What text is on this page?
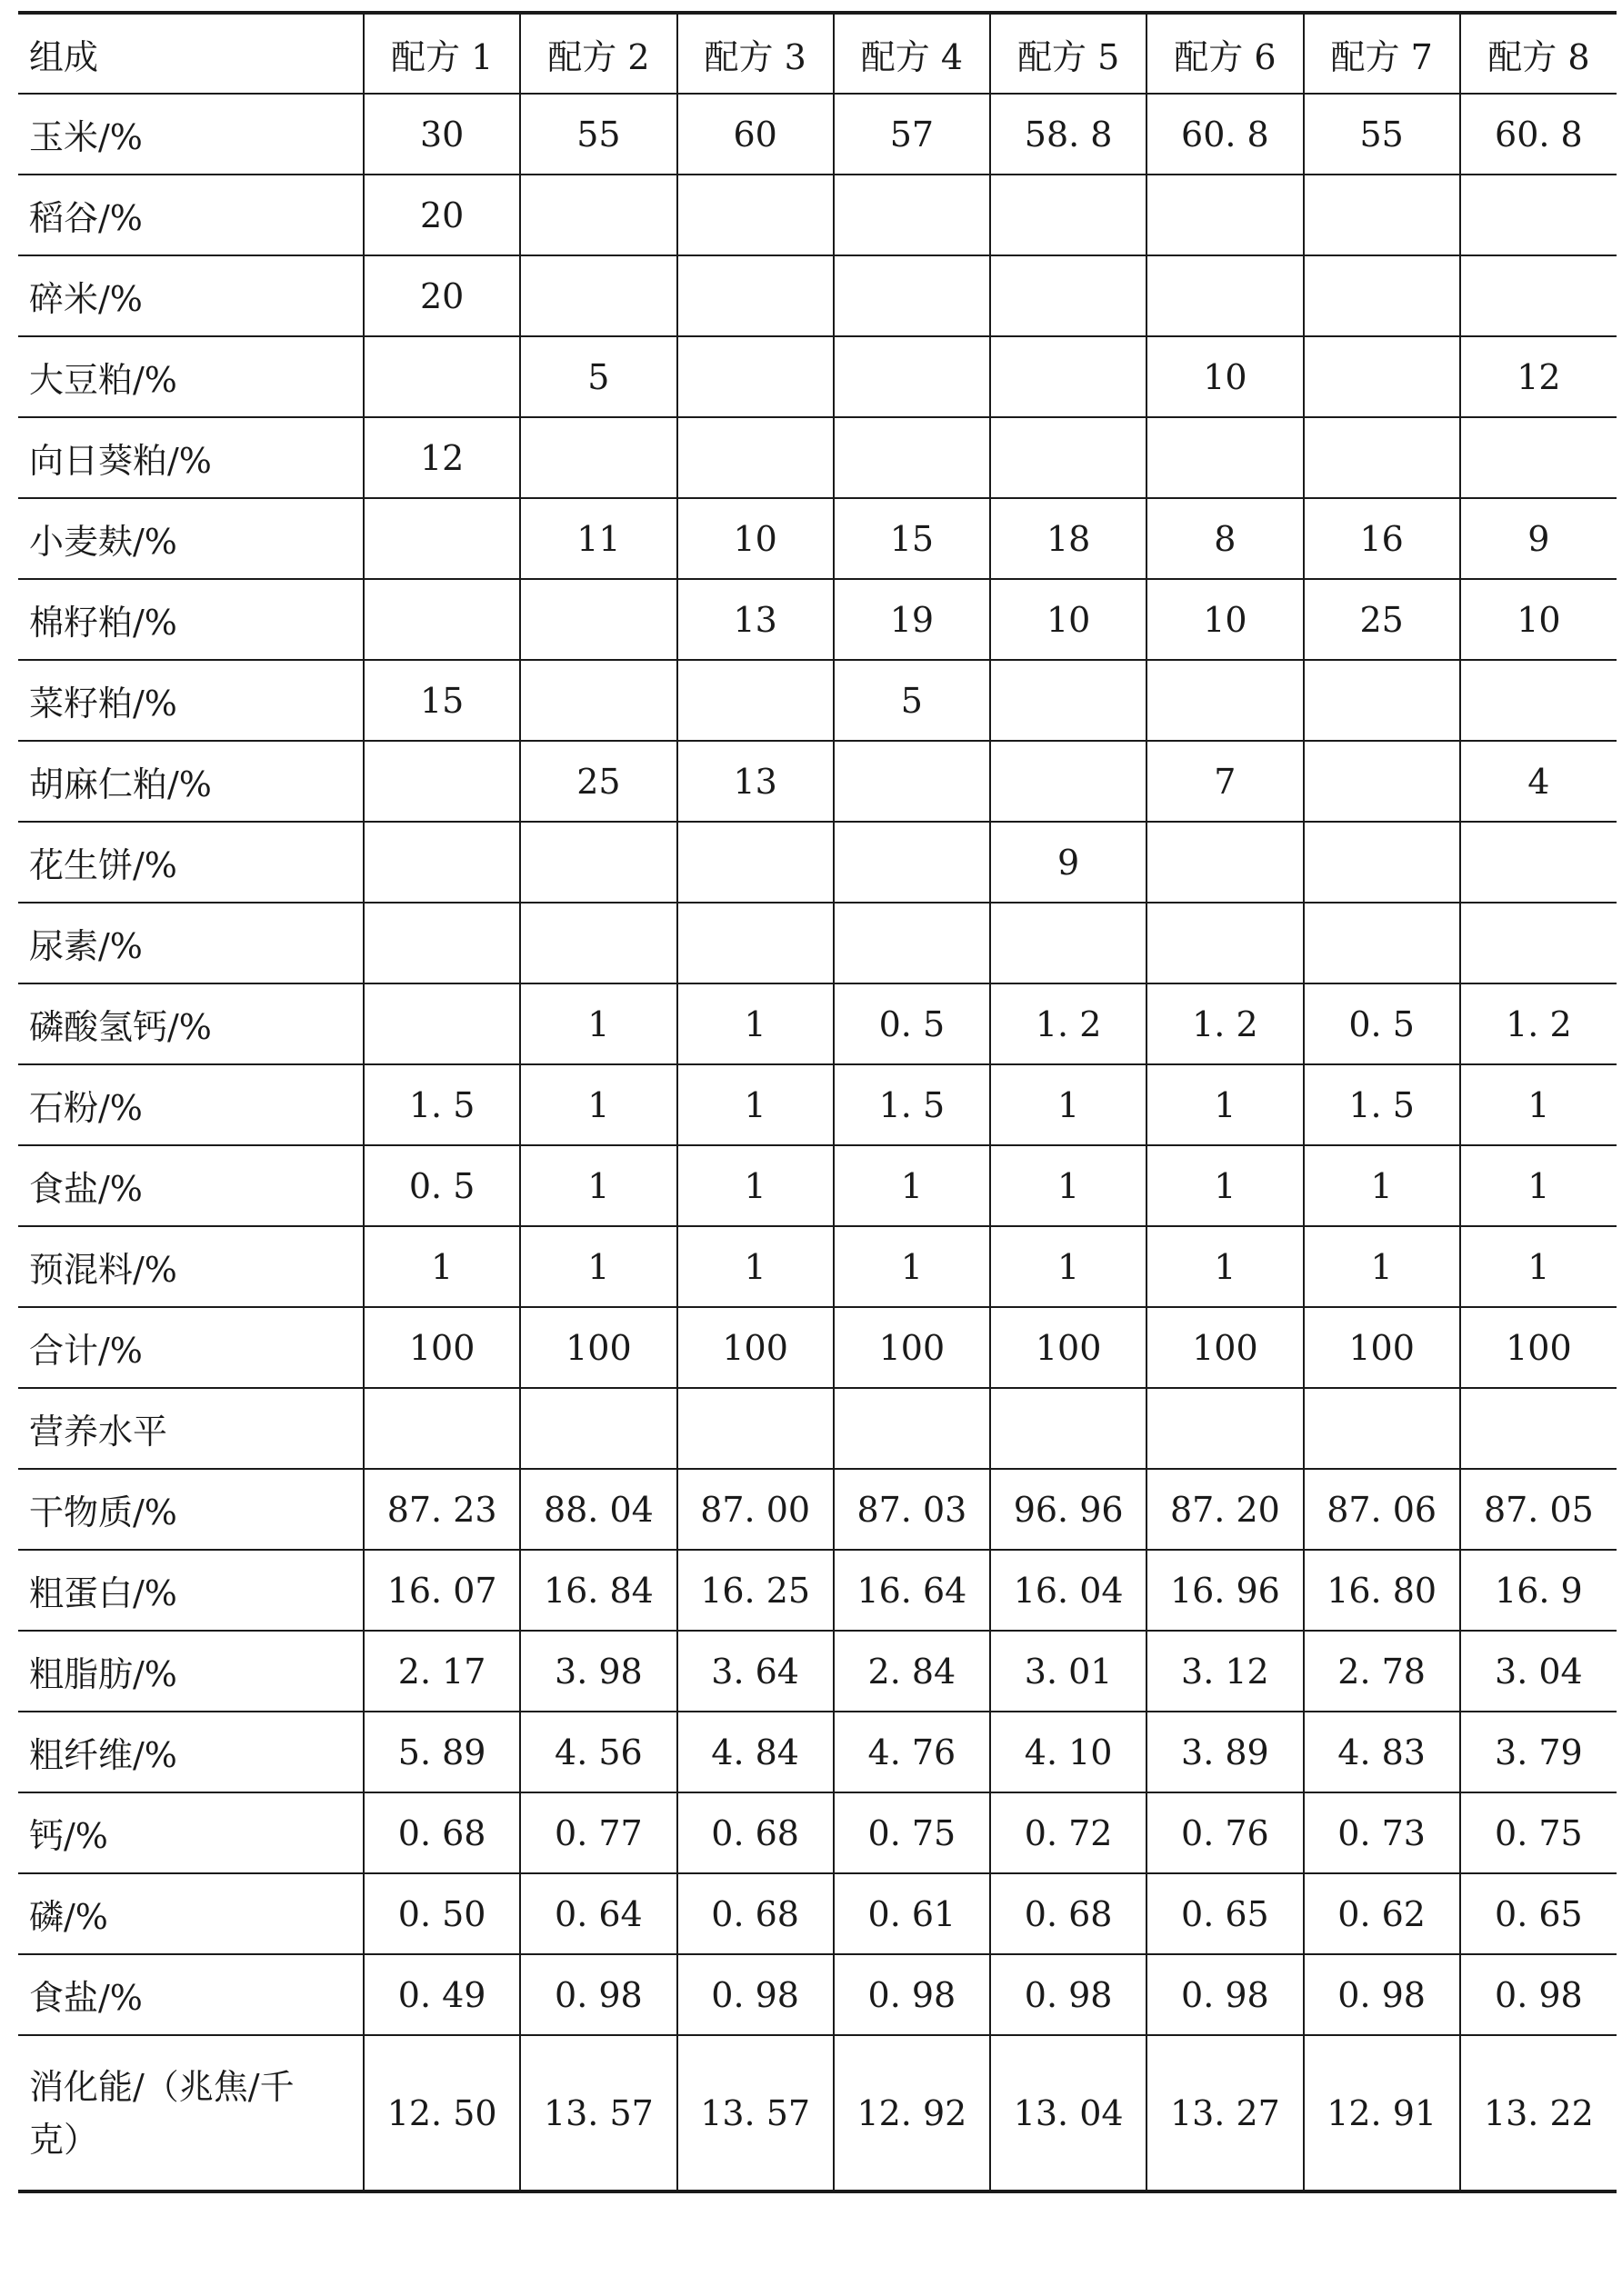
组成	配方 1	配方 2	配方 3	配方 4	配方 5	配方 6	配方 7	配方 8
玉米/%	30	55	60	57	58. 8	60. 8	55	60. 8
稻谷/%	20							
碎米/%	20							
大豆粕/%		5				10		12
向日葵粕/%	12							
小麦麸/%		11	10	15	18	8	16	9
棉籽粕/%			13	19	10	10	25	10
菜籽粕/%	15			5				
胡麻仁粕/%		25	13			7		4
花生饼/%					9			
尿素/%								
磷酸氢钙/%		1	1	0. 5	1. 2	1. 2	0. 5	1. 2
石粉/%	1. 5	1	1	1. 5	1	1	1. 5	1
食盐/%	0. 5	1	1	1	1	1	1	1
预混料/%	1	1	1	1	1	1	1	1
合计/%	100	100	100	100	100	100	100	100
营养水平								
干物质/%	87. 23	88. 04	87. 00	87. 03	96. 96	87. 20	87. 06	87. 05
粗蛋白/%	16. 07	16. 84	16. 25	16. 64	16. 04	16. 96	16. 80	16. 9
粗脂肪/%	2. 17	3. 98	3. 64	2. 84	3. 01	3. 12	2. 78	3. 04
粗纤维/%	5. 89	4. 56	4. 84	4. 76	4. 10	3. 89	4. 83	3. 79
钙/%	0. 68	0. 77	0. 68	0. 75	0. 72	0. 76	0. 73	0. 75
磷/%	0. 50	0. 64	0. 68	0. 61	0. 68	0. 65	0. 62	0. 65
食盐/%	0. 49	0. 98	0. 98	0. 98	0. 98	0. 98	0. 98	0. 98
消化能/（兆焦/千克）	12. 50	13. 57	13. 57	12. 92	13. 04	13. 27	12. 91	13. 22
